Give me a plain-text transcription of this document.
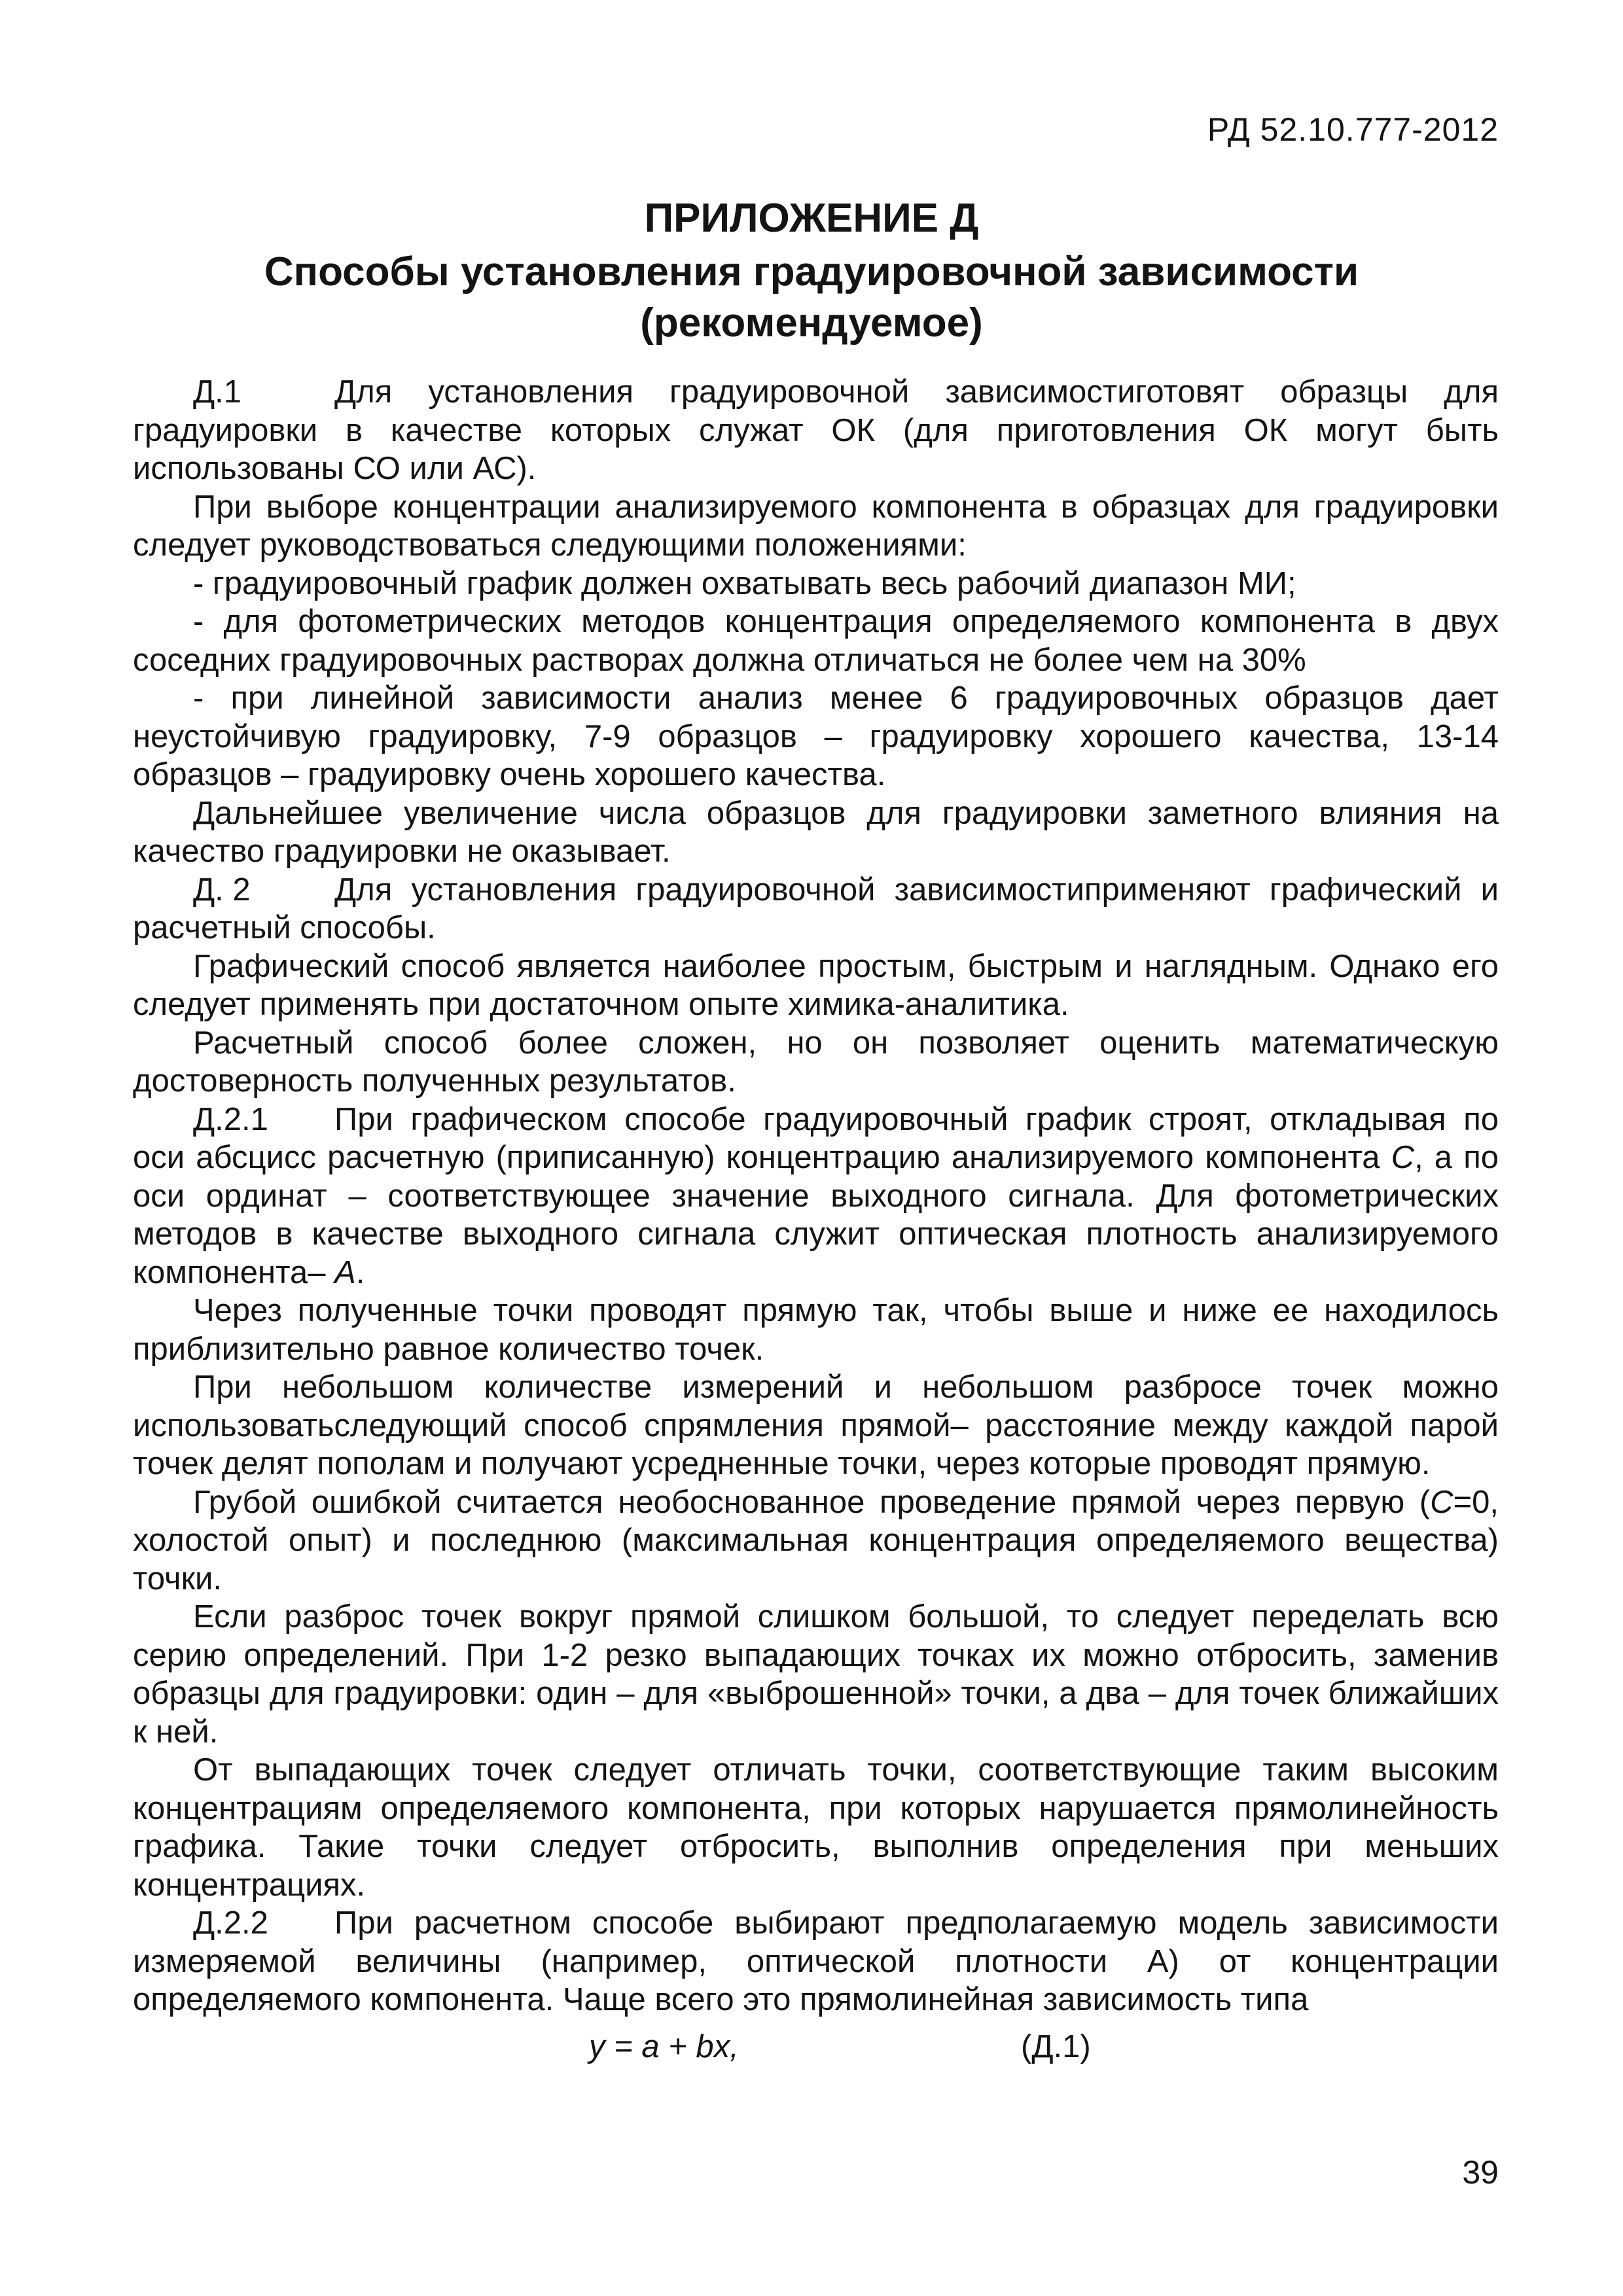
РД 52.10.777-2012
ПРИЛОЖЕНИЕ Д
Способы установления градуировочной зависимости
(рекомендуемое)

Д.1	Для установления градуировочной зависимостиготовят образцы для градуировки в качестве которых служат ОК (для приготовления ОК могут быть использованы СО или АС).

При выборе концентрации анализируемого компонента в образцах для градуировки следует руководствоваться следующими положениями:

- градуировочный график должен охватывать весь рабочий диапазон МИ;

- для фотометрических методов концентрация определяемого компонента в двух соседних градуировочных растворах должна отличаться не более чем на 30%

- при линейной зависимости анализ менее 6 градуировочных образцов дает неустойчивую градуировку, 7-9 образцов – градуировку хорошего качества, 13-14 образцов – градуировку очень хорошего качества.

Дальнейшее увеличение числа образцов для градуировки заметного влияния на качество градуировки не оказывает.

Д. 2	Для установления градуировочной зависимостиприменяют графический и расчетный способы.

Графический способ является наиболее простым, быстрым и наглядным. Однако его следует применять при достаточном опыте химика-аналитика.

Расчетный способ более сложен, но он позволяет оценить математическую достоверность полученных результатов.

Д.2.1 При графическом способе градуировочный график строят, откладывая по оси абсцисс расчетную (приписанную) концентрацию анализируемого компонента С, а по оси ординат – соответствующее значение выходного сигнала. Для фотометрических методов в качестве выходного сигнала служит оптическая плотность анализируемого компонента– А.

Через полученные точки проводят прямую так, чтобы выше и ниже ее находилось приблизительно равное количество точек.

При небольшом количестве измерений и небольшом разбросе точек можно использоватьследующий способ спрямления прямой– расстояние между каждой парой точек делят пополам и получают усредненные точки, через которые проводят прямую.

Грубой ошибкой считается необоснованное проведение прямой через первую (С=0, холостой опыт) и последнюю (максимальная концентрация определяемого вещества) точки.

Если разброс точек вокруг прямой слишком большой, то следует переделать всю серию определений. При 1-2 резко выпадающих точках их можно отбросить, заменив образцы для градуировки: один – для «выброшенной» точки, а два – для точек ближайших к ней.

От выпадающих точек следует отличать точки, соответствующие таким высоким концентрациям определяемого компонента, при которых нарушается прямолинейность графика. Такие точки следует отбросить, выполнив определения при меньших концентрациях.

Д.2.2 При расчетном способе выбирают предполагаемую модель зависимости измеряемой величины (например, оптической плотности А) от концентрации определяемого компонента. Чаще всего это прямолинейная зависимость типа

y = a + bx,	(Д.1)
39
